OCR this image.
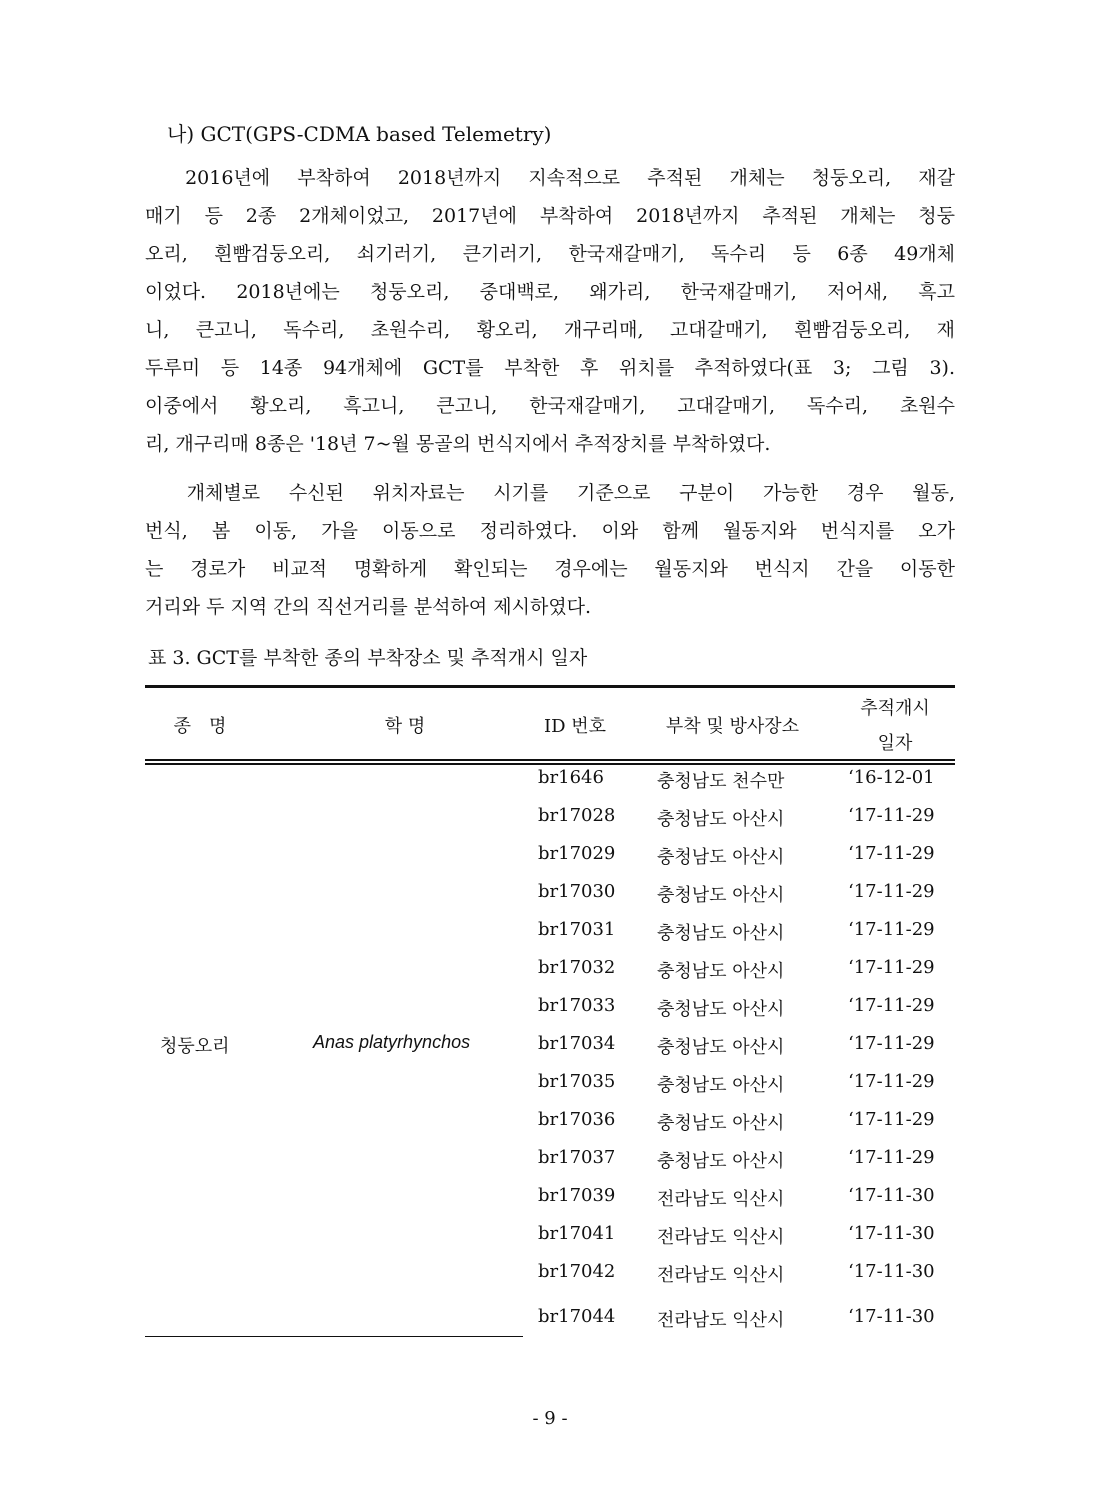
나) GCT(GPS-CDMA based Telemetry)
　2016년에 부착하여 2018년까지 지속적으로 추적된 개체는 청둥오리, 재갈
매기 등 2종 2개체이었고, 2017년에 부착하여 2018년까지 추적된 개체는 청둥
오리, 흰빰검둥오리, 쇠기러기, 큰기러기, 한국재갈매기, 독수리 등 6종 49개체
이었다. 2018년에는 청둥오리, 중대백로, 왜가리, 한국재갈매기, 저어새, 흑고
니, 큰고니, 독수리, 초원수리, 황오리, 개구리매, 고대갈매기, 흰빰검둥오리, 재
두루미 등 14종 94개체에 GCT를 부착한 후 위치를 추적하였다(표 3; 그림 3).
이중에서 황오리, 흑고니, 큰고니, 한국재갈매기, 고대갈매기, 독수리, 초원수
리, 개구리매 8종은 '18년 7~월 몽골의 번식지에서 추적장치를 부착하였다.
　개체별로 수신된 위치자료는 시기를 기준으로 구분이 가능한 경우 월동,
번식, 봄 이동, 가을 이동으로 정리하였다. 이와 함께 월동지와 번식지를 오가
는 경로가 비교적 명확하게 확인되는 경우에는 월동지와 번식지 간을 이동한
거리와 두 지역 간의 직선거리를 분석하여 제시하였다.
표 3. GCT를 부착한 종의 부착장소 및 추적개시 일자
종　명	학 명	ID 번호	부착 및 방사장소
추적개시
일자
청둥오리	Anas platyrhynchos
br1646	충청남도 천수만	‘16-12-01
br17028 충청남도 아산시	‘17-11-29
br17029 충청남도 아산시	‘17-11-29
br17030 충청남도 아산시	‘17-11-29
br17031 충청남도 아산시	‘17-11-29
br17032 충청남도 아산시	‘17-11-29
br17033 충청남도 아산시	‘17-11-29
br17034 충청남도 아산시	‘17-11-29
br17035 충청남도 아산시	‘17-11-29
br17036 충청남도 아산시	‘17-11-29
br17037 충청남도 아산시	‘17-11-29
br17039 전라남도 익산시	‘17-11-30
br17041 전라남도 익산시	‘17-11-30
br17042 전라남도 익산시	‘17-11-30
br17044 전라남도 익산시	‘17-11-30
- 9 -
